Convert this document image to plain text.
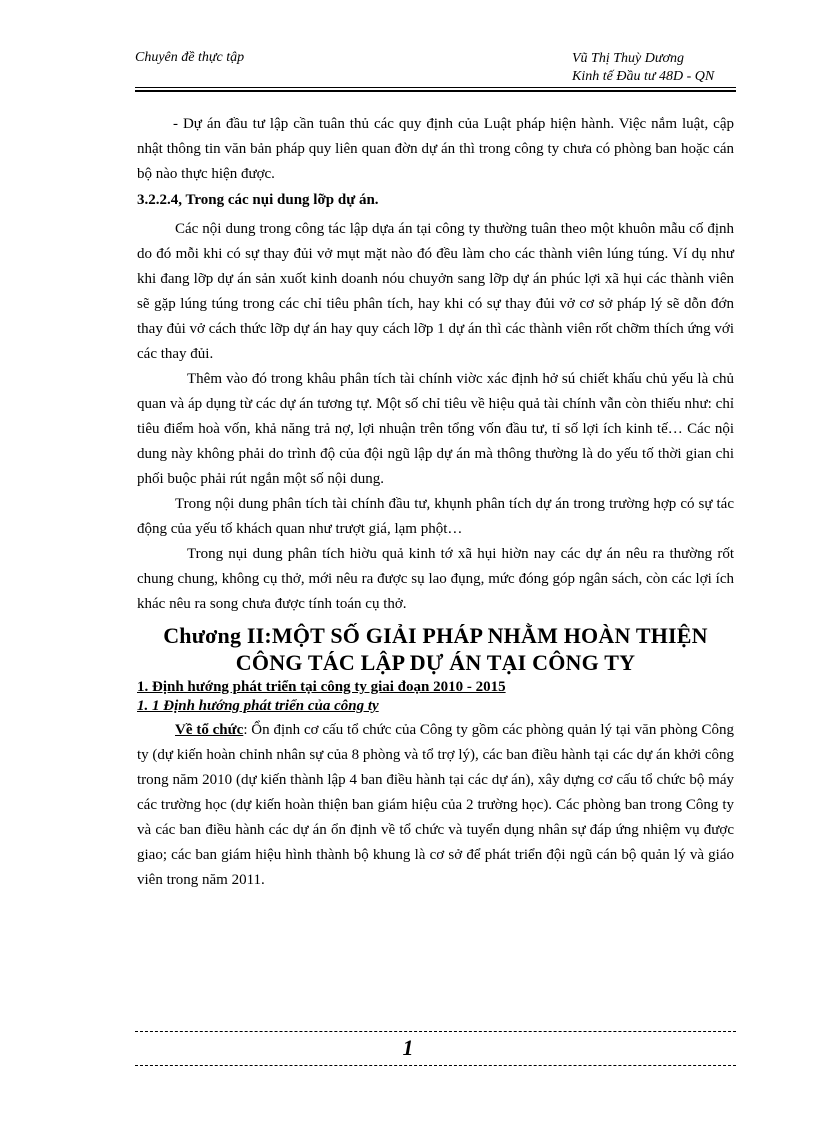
Chuyên đề thực tập	Vũ Thị Thuỳ Dương

Kinh tế Đầu tư 48D - QN

- Dự án đầu tư lập cần tuân thủ các quy định của Luật pháp hiện hành. Việc nắm luật, cập nhật thông tin văn bản pháp quy liên quan đờn dự án thì trong công ty chưa có phòng ban hoặc cán bộ nào thực hiện được.

3.2.2.4, Trong các nụi dung lỡp dự án.

Các nội dung trong công tác lập dựa án tại công ty thường tuân theo một khuôn mẫu cố định do đó mỗi khi có sự thay đủi vở mụt mặt nào đó đều làm cho các thành viên lúng túng. Ví dụ như khi đang lỡp dự án sản xuốt kinh doanh nóu chuyởn sang lỡp dự án phúc lợi xã hụi các thành viên sẽ gặp lúng túng trong các chỉ tiêu phân tích, hay khi có sự thay đủi vở cơ sở pháp lý sẽ dỗn đớn thay đủi vở cách thức lỡp dự án hay quy cách lỡp 1 dự án thì các thành viên rốt chỡm thích ứng với các thay đủi.

Thêm vào đó trong khâu phân tích tài chính viờc xác định hở sú chiết khấu chủ yếu là chủ quan và áp dụng từ các dự án tương tự. Một số chỉ tiêu về hiệu quả tài chính vẫn còn thiếu như: chỉ tiêu điểm hoà vốn, khả năng trả nợ, lợi nhuận trên tổng vốn đầu tư, tỉ số lợi ích kinh tế… Các nội dung này không phải do trình độ của đội ngũ lập dự án mà thông thường là do yếu tố thời gian chi phối buộc phải rút ngắn một số nội dung.

Trong nội dung phân tích tài chính đầu tư, khụnh phân tích dự án trong trường hợp có sự tác động của yếu tố khách quan như trượt giá, lạm phột…

Trong nụi dung phân tích hiờu quả kinh tớ xã hụi hiờn nay các dự án nêu ra thường rốt chung chung, không cụ thở, mới nêu ra được sụ lao đụng, mức đóng góp ngân sách, còn các lợi ích khác nêu ra song chưa được tính toán cụ thở.

Chương II:MỘT SỐ GIẢI PHÁP NHẰM HOÀN THIỆN
CÔNG TÁC LẬP DỰ ÁN TẠI CÔNG TY

1. Định hướng phát triển tại công ty giai đoạn 2010 - 2015

1. 1 Định hướng phát triển của công ty

Về tổ chức: Ổn định cơ cấu tổ chức của Công ty gồm các phòng quản lý tại văn phòng Công ty (dự kiến hoàn chỉnh nhân sự của 8 phòng và tổ trợ lý), các ban điều hành tại các dự án khởi công trong năm 2010 (dự kiến thành lập 4 ban điều hành tại các dự án), xây dựng cơ cấu tổ chức bộ máy các trường học (dự kiến hoàn thiện ban giám hiệu của 2 trường học). Các phòng ban trong Công ty và các ban điều hành các dự án ổn định về tổ chức và tuyển dụng nhân sự đáp ứng nhiệm vụ được giao; các ban giám hiệu hình thành bộ khung là cơ sở để phát triển đội ngũ cán bộ quản lý và giáo viên trong năm 2011.

1
